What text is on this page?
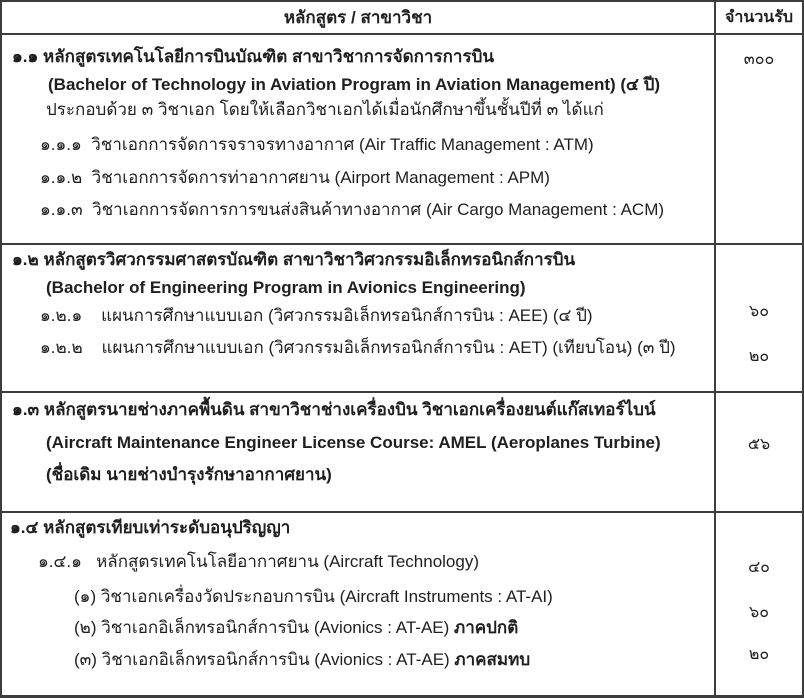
หลักสูตร / สาขาวิชา	จำนวนรับ
๑.๑ หลักสูตรเทคโนโลยีการบินบัณฑิต สาขาวิชาการจัดการการบิน
(Bachelor of Technology in Aviation Program in Aviation Management) (๔ ปี)
ประกอบด้วย ๓ วิชาเอก โดยให้เลือกวิชาเอกได้เมื่อนักศึกษาขึ้นชั้นปีที่ ๓ ได้แก่
๑.๑.๑  วิชาเอกการจัดการจราจรทางอากาศ (Air Traffic Management : ATM)
๑.๑.๒  วิชาเอกการจัดการท่าอากาศยาน (Airport Management : APM)
๑.๑.๓  วิชาเอกการจัดการการขนส่งสินค้าทางอากาศ (Air Cargo Management : ACM)
๓๐๐
๑.๒ หลักสูตรวิศวกรรมศาสตรบัณฑิต สาขาวิชาวิศวกรรมอิเล็กทรอนิกส์การบิน
(Bachelor of Engineering Program in Avionics Engineering)
๑.๒.๑    แผนการศึกษาแบบเอก (วิศวกรรมอิเล็กทรอนิกส์การบิน : AEE) (๔ ปี)
๑.๒.๒    แผนการศึกษาแบบเอก (วิศวกรรมอิเล็กทรอนิกส์การบิน : AET) (เทียบโอน) (๓ ปี)
๖๐
๒๐
๑.๓ หลักสูตรนายช่างภาคพื้นดิน สาขาวิชาช่างเครื่องบิน วิชาเอกเครื่องยนต์แก๊สเทอร์ไบน์
(Aircraft Maintenance Engineer License Course: AMEL (Aeroplanes Turbine)
(ชื่อเดิม นายช่างบำรุงรักษาอากาศยาน)
๕๖
๑.๔ หลักสูตรเทียบเท่าระดับอนุปริญญา
๑.๔.๑   หลักสูตรเทคโนโลยีอากาศยาน (Aircraft Technology)
(๑) วิชาเอกเครื่องวัดประกอบการบิน (Aircraft Instruments : AT-AI)
(๒) วิชาเอกอิเล็กทรอนิกส์การบิน (Avionics : AT-AE) ภาคปกติ
(๓) วิชาเอกอิเล็กทรอนิกส์การบิน (Avionics : AT-AE) ภาคสมทบ
๔๐
๖๐
๒๐
